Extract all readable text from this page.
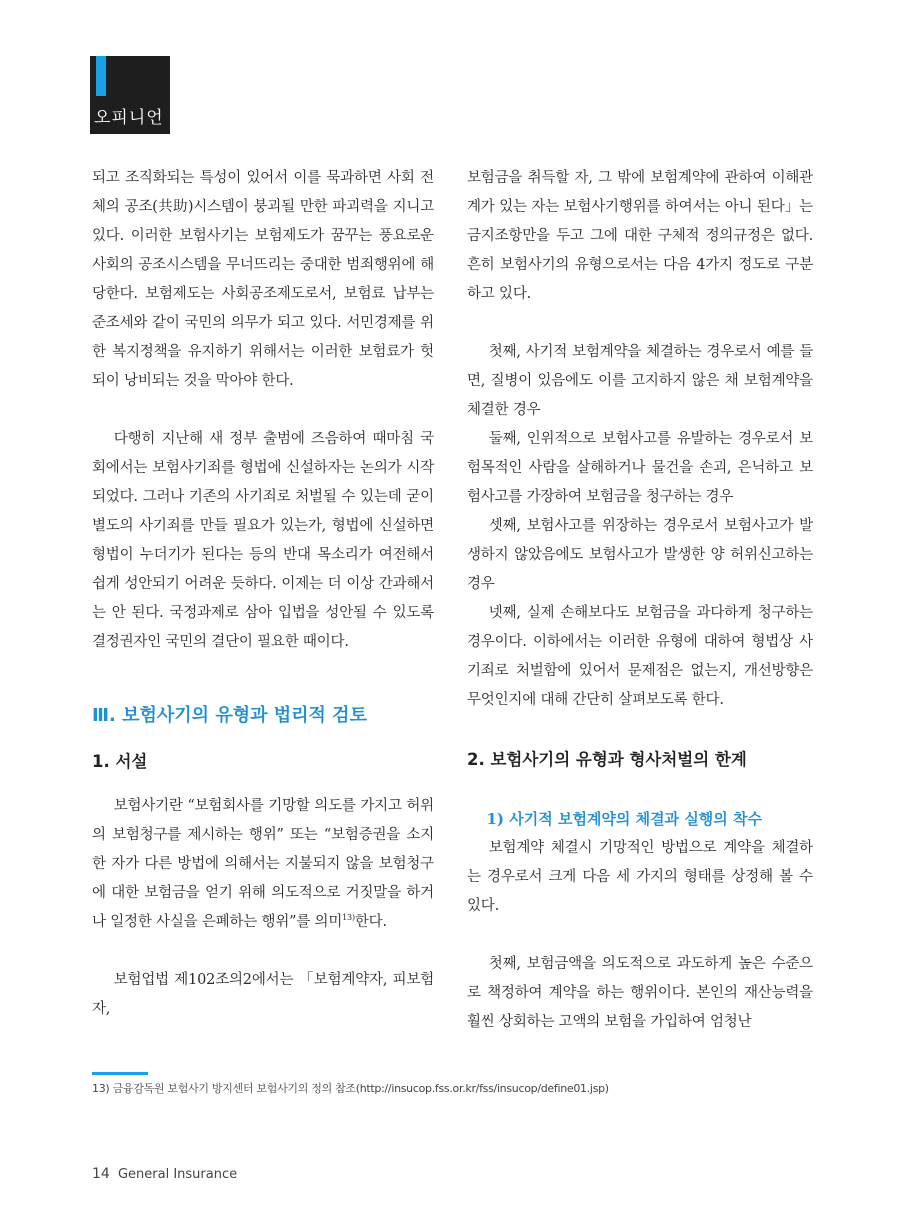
오피니언

되고 조직화되는 특성이 있어서 이를 묵과하면 사회 전체의 공조(共助)시스템이 붕괴될 만한 파괴력을 지니고 있다. 이러한 보험사기는 보험제도가 꿈꾸는 풍요로운 사회의 공조시스템을 무너뜨리는 중대한 범죄행위에 해당한다. 보험제도는 사회공조제도로서, 보험료 납부는 준조세와 같이 국민의 의무가 되고 있다. 서민경제를 위한 복지정책을 유지하기 위해서는 이러한 보험료가 헛되이 낭비되는 것을 막아야 한다.

다행히 지난해 새 정부 출범에 즈음하여 때마침 국회에서는 보험사기죄를 형법에 신설하자는 논의가 시작되었다. 그러나 기존의 사기죄로 처벌될 수 있는데 굳이 별도의 사기죄를 만들 필요가 있는가, 형법에 신설하면 형법이 누더기가 된다는 등의 반대 목소리가 여전해서 쉽게 성안되기 어려운 듯하다. 이제는 더 이상 간과해서는 안 된다. 국정과제로 삼아 입법을 성안될 수 있도록 결정권자인 국민의 결단이 필요한 때이다.

Ⅲ. 보험사기의 유형과 법리적 검토
1. 서설

보험사기란 “보험회사를 기망할 의도를 가지고 허위의 보험청구를 제시하는 행위” 또는 “보험증권을 소지한 자가 다른 방법에 의해서는 지불되지 않을 보험청구에 대한 보험금을 얻기 위해 의도적으로 거짓말을 하거나 일정한 사실을 은폐하는 행위”를 의미$^{13)}$한다.

보험업법 제102조의2에서는 「보험계약자, 피보험자,

보험금을 취득할 자, 그 밖에 보험계약에 관하여 이해관계가 있는 자는 보험사기행위를 하여서는 아니 된다」는 금지조항만을 두고 그에 대한 구체적 정의규정은 없다. 흔히 보험사기의 유형으로서는 다음 4가지 정도로 구분하고 있다.

첫째, 사기적 보험계약을 체결하는 경우로서 예를 들면, 질병이 있음에도 이를 고지하지 않은 채 보험계약을 체결한 경우

둘째, 인위적으로 보험사고를 유발하는 경우로서 보험목적인 사람을 살해하거나 물건을 손괴, 은닉하고 보험사고를 가장하여 보험금을 청구하는 경우

셋째, 보험사고를 위장하는 경우로서 보험사고가 발생하지 않았음에도 보험사고가 발생한 양 허위신고하는 경우

넷째, 실제 손해보다도 보험금을 과다하게 청구하는 경우이다. 이하에서는 이러한 유형에 대하여 형법상 사기죄로 처벌함에 있어서 문제점은 없는지, 개선방향은 무엇인지에 대해 간단히 살펴보도록 한다.

2. 보험사기의 유형과 형사처벌의 한계

1) 사기적 보험계약의 체결과 실행의 착수

보험계약 체결시 기망적인 방법으로 계약을 체결하는 경우로서 크게 다음 세 가지의 형태를 상정해 볼 수 있다.

첫째, 보험금액을 의도적으로 과도하게 높은 수준으로 책정하여 계약을 하는 행위이다. 본인의 재산능력을 훨씬 상회하는 고액의 보험을 가입하여 엄청난

13) 금융감독원 보험사기 방지센터 보험사기의 정의 참조(http://insucop.fss.or.kr/fss/insucop/define01.jsp)
14 General Insurance
